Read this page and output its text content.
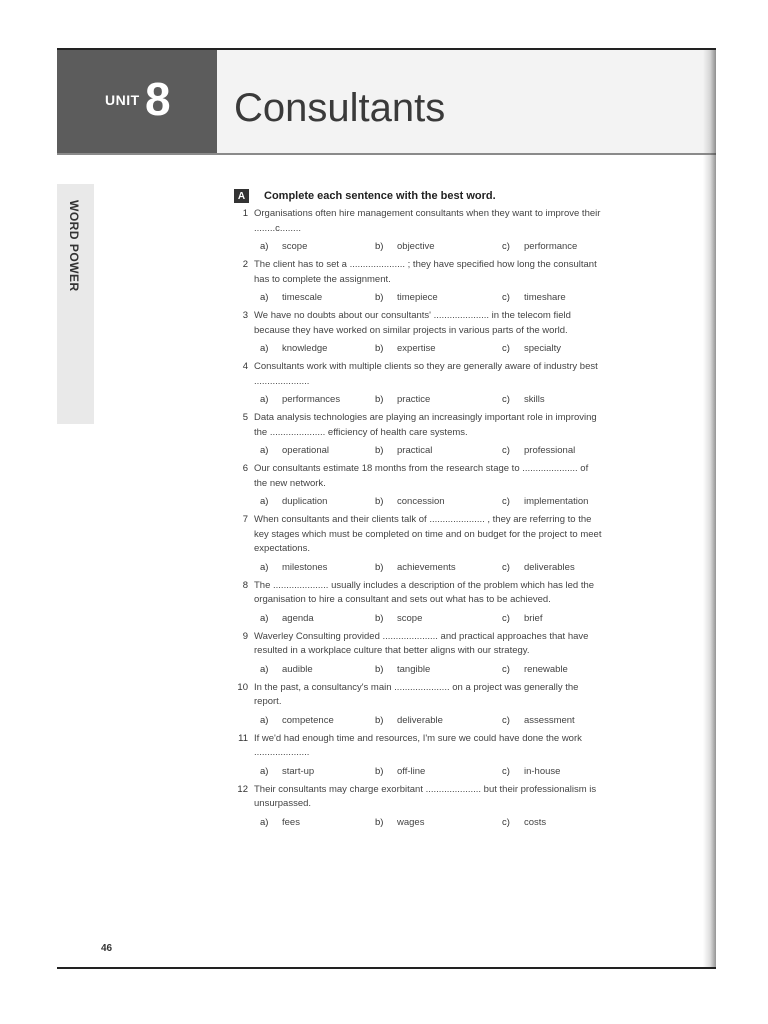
UNIT 8 Consultants
WORD POWER
A	Complete each sentence with the best word.
1 Organisations often hire management consultants when they want to improve their
........c........
a)	scope	b)	objective	c)	performance
2 The client has to set a ..................... ; they have specified how long the consultant
has to complete the assignment.
a)	timescale	b)	timepiece	c)	timeshare
3 We have no doubts about our consultants' ..................... in the telecom field
because they have worked on similar projects in various parts of the world.
a)	knowledge	b)	expertise	c)	specialty
4 Consultants work with multiple clients so they are generally aware of industry best
.....................
a)	performances	b)	practice	c)	skills
5 Data analysis technologies are playing an increasingly important role in improving
the ..................... efficiency of health care systems.
a)	operational	b)	practical	c)	professional
6 Our consultants estimate 18 months from the research stage to ..................... of
the new network.
a)	duplication	b)	concession	c)	implementation
7 When consultants and their clients talk of ..................... , they are referring to the
key stages which must be completed on time and on budget for the project to meet
expectations.
a)	milestones	b)	achievements	c)	deliverables
8 The ..................... usually includes a description of the problem which has led the
organisation to hire a consultant and sets out what has to be achieved.
a)	agenda	b)	scope	c)	brief
9 Waverley Consulting provided ..................... and practical approaches that have
resulted in a workplace culture that better aligns with our strategy.
a)	audible	b)	tangible	c)	renewable
10 In the past, a consultancy's main ..................... on a project was generally the
report.
a)	competence	b)	deliverable	c)	assessment
11 If we'd had enough time and resources, I'm sure we could have done the work
.....................
a)	start-up	b)	off-line	c)	in-house
12 Their consultants may charge exorbitant ..................... but their professionalism is
unsurpassed.
a)	fees	b)	wages	c)	costs
46
